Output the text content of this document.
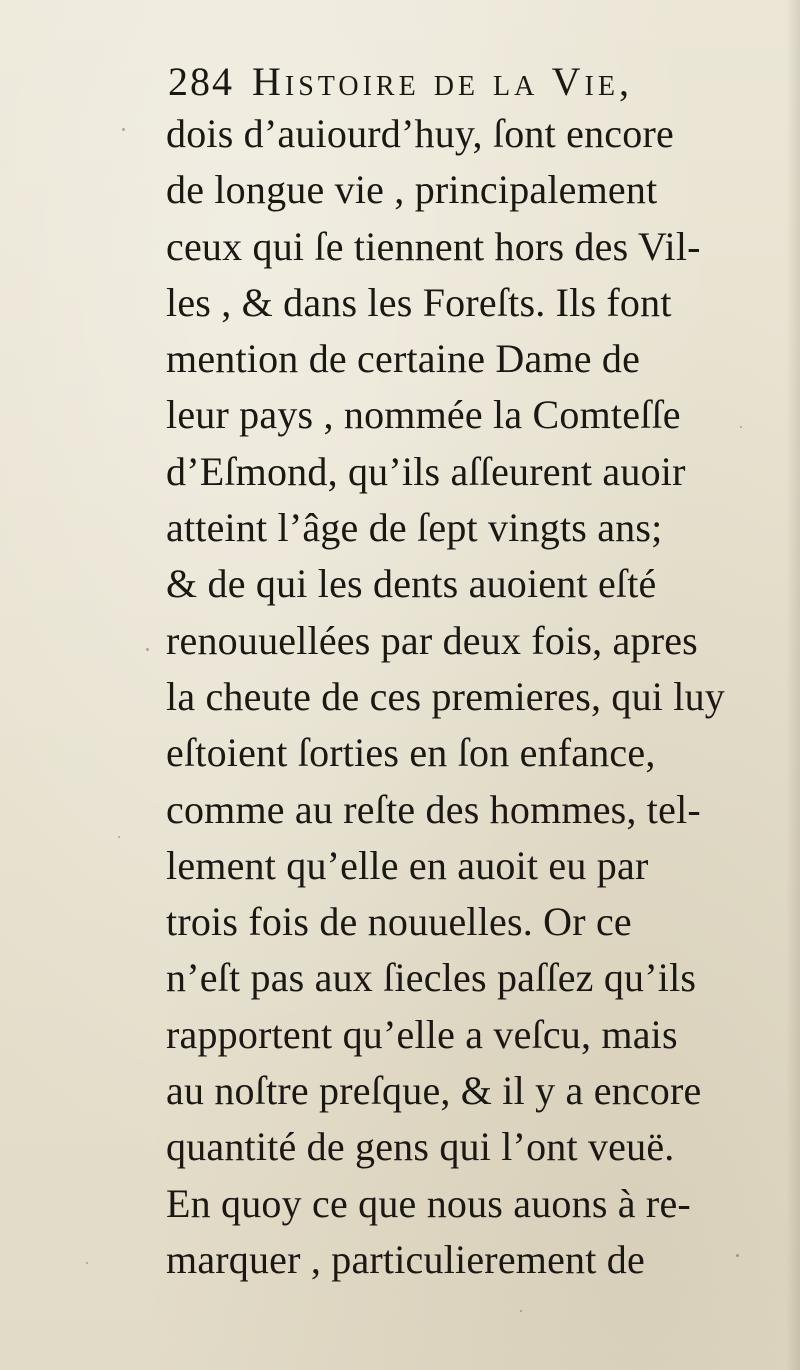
284 Histoire de la Vie,
dois d’auiourd’huy, ſont encore
de longue vie , principalement
ceux qui ſe tiennent hors des Vil-
les , & dans les Foreſts. Ils font
mention de certaine Dame de
leur pays , nommée la Comteſſe
d’Eſmond, qu’ils aſſeurent auoir
atteint l’âge de ſept vingts ans;
& de qui les dents auoient eſté
renouuellées par deux fois, apres
la cheute de ces premieres, qui luy
eſtoient ſorties en ſon enfance,
comme au reſte des hommes, tel-
lement qu’elle en auoit eu par
trois fois de nouuelles. Or ce
n’eſt pas aux ſiecles paſſez qu’ils
rapportent qu’elle a veſcu, mais
au noſtre preſque, & il y a encore
quantité de gens qui l’ont veuë.
En quoy ce que nous auons à re-
marquer , particulierement de
